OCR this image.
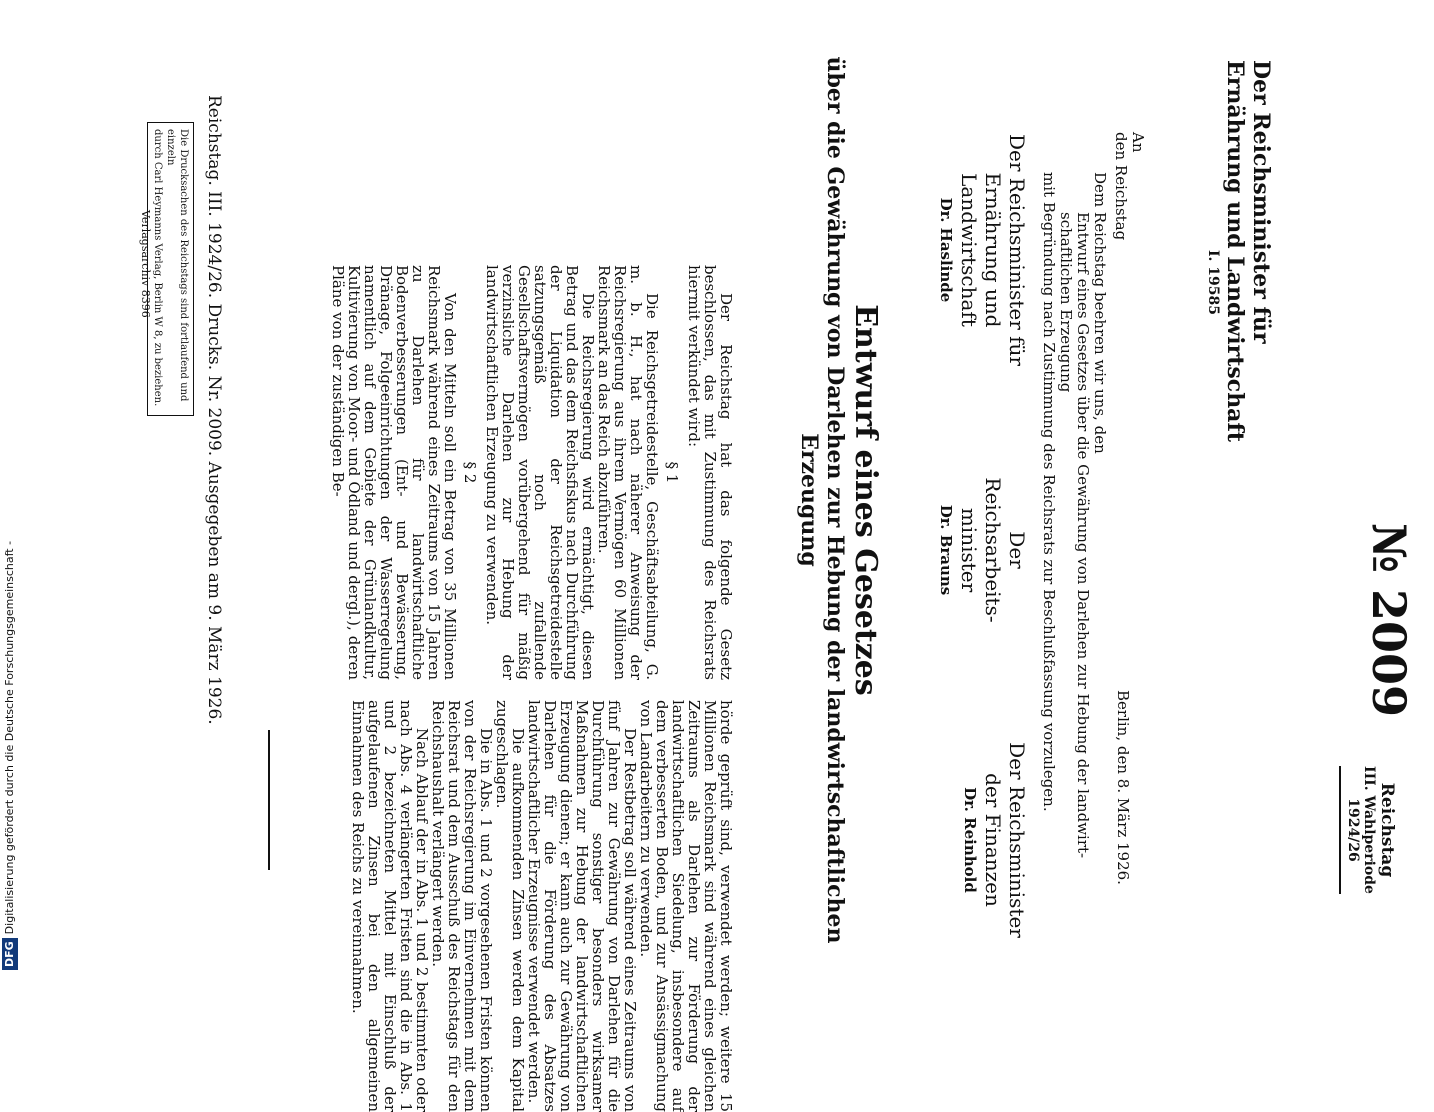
№ 2009
Reichstag
III. Wahlperiode
1924/26
Der Reichsminister für
Ernährung und Landwirtschaft
I. 19585
Berlin, den 8. März 1926.
An
den Reichstag
Dem Reichstag beehren wir uns, den
Entwurf eines Gesetzes über die Gewährung von Darlehen zur Hebung der landwirt-
schaftlichen Erzeugung
mit Begründung nach Zustimmung des Reichsrats zur Beschlußfassung vorzulegen.
Der Reichsminister für
Ernährung und Landwirtschaft
Dr. Haslinde
Der Reichsarbeits-
minister
Dr. Brauns
Der Reichsminister
der Finanzen
Dr. Reinhold
Entwurf eines Gesetzes
über die Gewährung von Darlehen zur Hebung der landwirtschaftlichen
Erzeugung
Der Reichstag hat das folgende Gesetz beschlossen, das mit Zustimmung des Reichsrats hiermit verkündet wird:
§ 1
Die Reichsgetreidestelle, Geschäftsabteilung, G. m. b. H., hat nach näherer Anweisung der Reichsregierung aus ihrem Vermögen 60 Millionen Reichsmark an das Reich abzuführen.
Die Reichsregierung wird ermächtigt, diesen Betrag und das dem Reichsfiskus nach Durchführung der Liquidation der Reichsgetreidestelle satzungsgemäß noch zufallende Gesellschaftsvermögen vorübergehend für mäßig verzinsliche Darlehen zur Hebung der landwirtschaftlichen Erzeugung zu verwenden.
§ 2
Von den Mitteln soll ein Betrag von 35 Millionen Reichsmark während eines Zeitraums von 15 Jahren zu Darlehen für landwirtschaftliche Bodenverbesserungen (Ent- und Bewässerung, Dränage, Folgeeinrichtungen der Wasserregelung namentlich auf dem Gebiete der Grünlandkultur, Kultivierung von Moor- und Ödland und dergl.), deren Pläne von der zuständigen Be-
hörde geprüft sind, verwendet werden; weitere 15 Millionen Reichsmark sind während eines gleichen Zeitraums als Darlehen zur Förderung der landwirtschaftlichen Siedelung, insbesondere auf dem verbesserten Boden, und zur Ansässigmachung von Landarbeitern zu verwenden.
Der Restbetrag soll während eines Zeitraums von fünf Jahren zur Gewährung von Darlehen für die Durchführung sonstiger besonders wirksamer Maßnahmen zur Hebung der landwirtschaftlichen Erzeugung dienen; er kann auch zur Gewährung von Darlehen für die Förderung des Absatzes landwirtschaftlicher Erzeugnisse verwendet werden.
Die aufkommenden Zinsen werden dem Kapital zugeschlagen.
Die in Abs. 1 und 2 vorgesehenen Fristen können von der Reichsregierung im Einvernehmen mit dem Reichsrat und dem Ausschuß des Reichstags für den Reichshaushalt verlängert werden.
Nach Ablauf der in Abs. 1 und 2 bestimmten oder nach Abs. 4 verlängerten Fristen sind die in Abs. 1 und 2 bezeichneten Mittel mit Einschluß der aufgelaufenen Zinsen bei den allgemeinen Einnahmen des Reichs zu vereinnahmen.
Reichstag. III. 1924/26. Drucks. Nr. 2009. Ausgegeben am 9. März 1926.
Die Drucksachen des Reichstags sind fortlaufend und einzeln
durch Carl Heymanns Verlag, Berlin W 8, zu beziehen.
Verlagsarchiv 8396
DFGDigitalisierung gefördert durch die Deutsche Forschungsgemeinschaft -
